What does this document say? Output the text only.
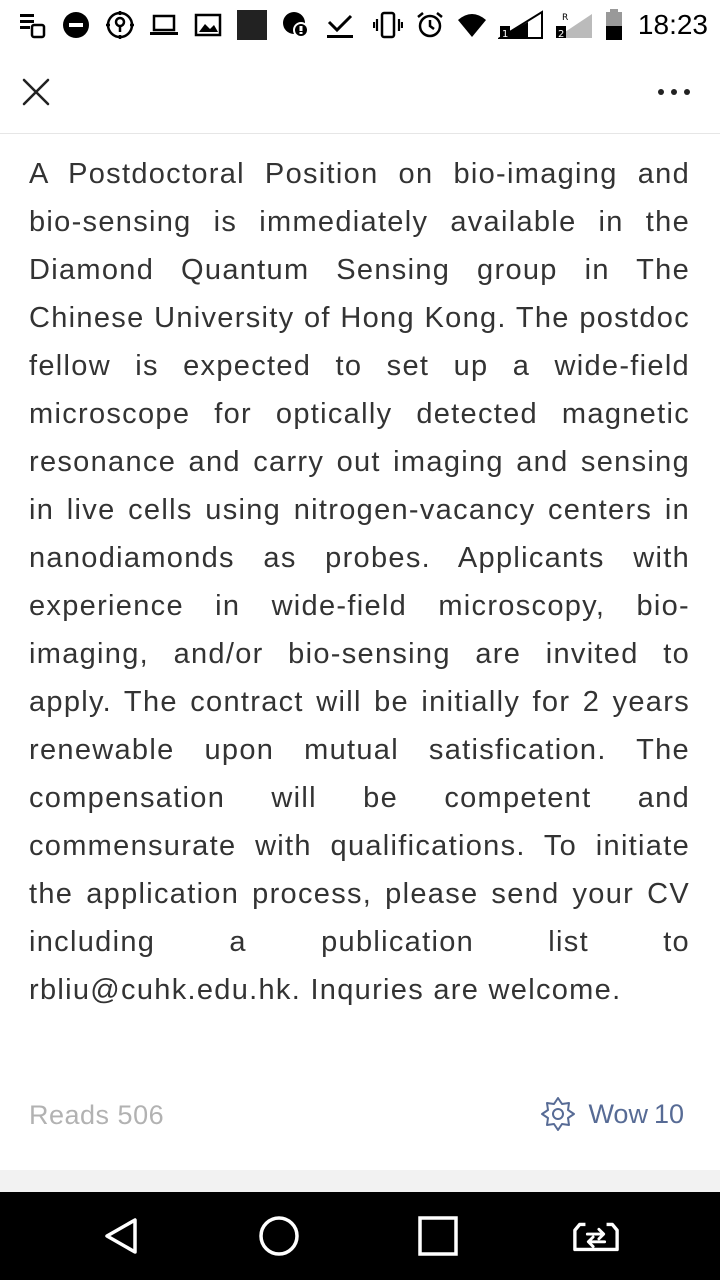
1
R
2	18:23

A Postdoctoral Position on bio-imaging and bio-sensing is immediately available in the Diamond Quantum Sensing group in The Chinese University of Hong Kong. The postdoc fellow is expected to set up a wide-field microscope for optically detected magnetic resonance and carry out imaging and sensing in live cells using nitrogen-vacancy centers in nanodiamonds as probes. Applicants with experience in wide-field microscopy, bio-imaging, and/or bio-sensing are invited to apply. The contract will be initially for 2 years renewable upon mutual satisfication. The compensation will be competent and commensurate with qualifications. To initiate the application process, please send your CV including a publication list to rbliu@cuhk.edu.hk. Inquries are welcome.

Reads 506	Wow 10
